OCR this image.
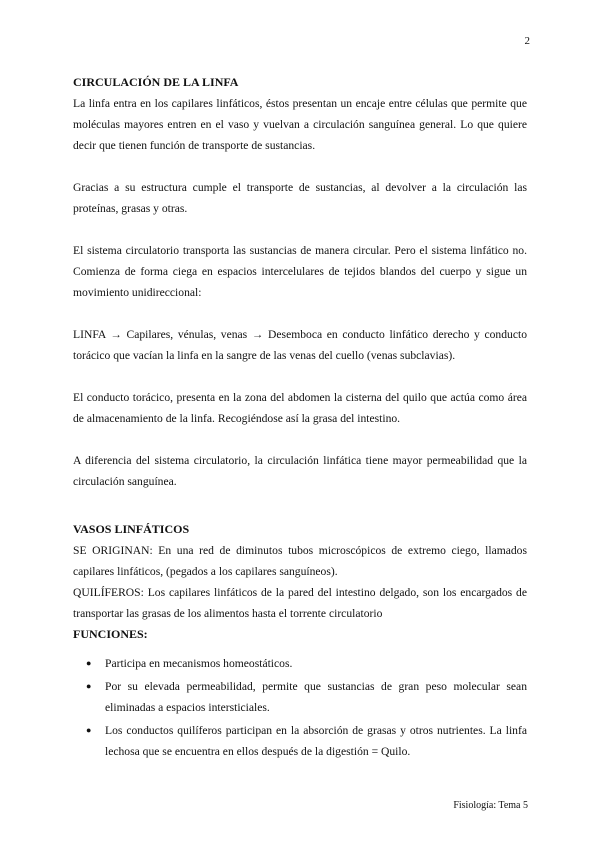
2
CIRCULACIÓN DE LA LINFA

La linfa entra en los capilares linfáticos, éstos presentan un encaje entre células que permite que moléculas mayores entren en el vaso y vuelvan a circulación sanguínea general. Lo que quiere decir que tienen función de transporte de sustancias.

Gracias a su estructura cumple el transporte de sustancias, al devolver a la circulación las proteínas, grasas y otras.

El sistema circulatorio transporta las sustancias de manera circular. Pero el sistema linfático no. Comienza de forma ciega en espacios intercelulares de tejidos blandos del cuerpo y sigue un movimiento unidireccional:

LINFA → Capilares, vénulas, venas → Desemboca en conducto linfático derecho y conducto torácico que vacían la linfa en la sangre de las venas del cuello (venas subclavias).

El conducto torácico, presenta en la zona del abdomen la cisterna del quilo que actúa como área de almacenamiento de la linfa. Recogiéndose así la grasa del intestino.

A diferencia del sistema circulatorio, la circulación linfática tiene mayor permeabilidad que la circulación sanguínea.

VASOS LINFÁTICOS

SE ORIGINAN: En una red de diminutos tubos microscópicos de extremo ciego, llamados capilares linfáticos, (pegados a los capilares sanguíneos).

QUILÍFEROS: Los capilares linfáticos de la pared del intestino delgado, son los encargados de transportar las grasas de los alimentos hasta el torrente circulatorio

FUNCIONES:
● Participa en mecanismos homeostáticos.
● Por su elevada permeabilidad, permite que sustancias de gran peso molecular sean eliminadas a espacios intersticiales.
● Los conductos quilíferos participan en la absorción de grasas y otros nutrientes. La linfa lechosa que se encuentra en ellos después de la digestión = Quilo.
Fisiología: Tema 5
